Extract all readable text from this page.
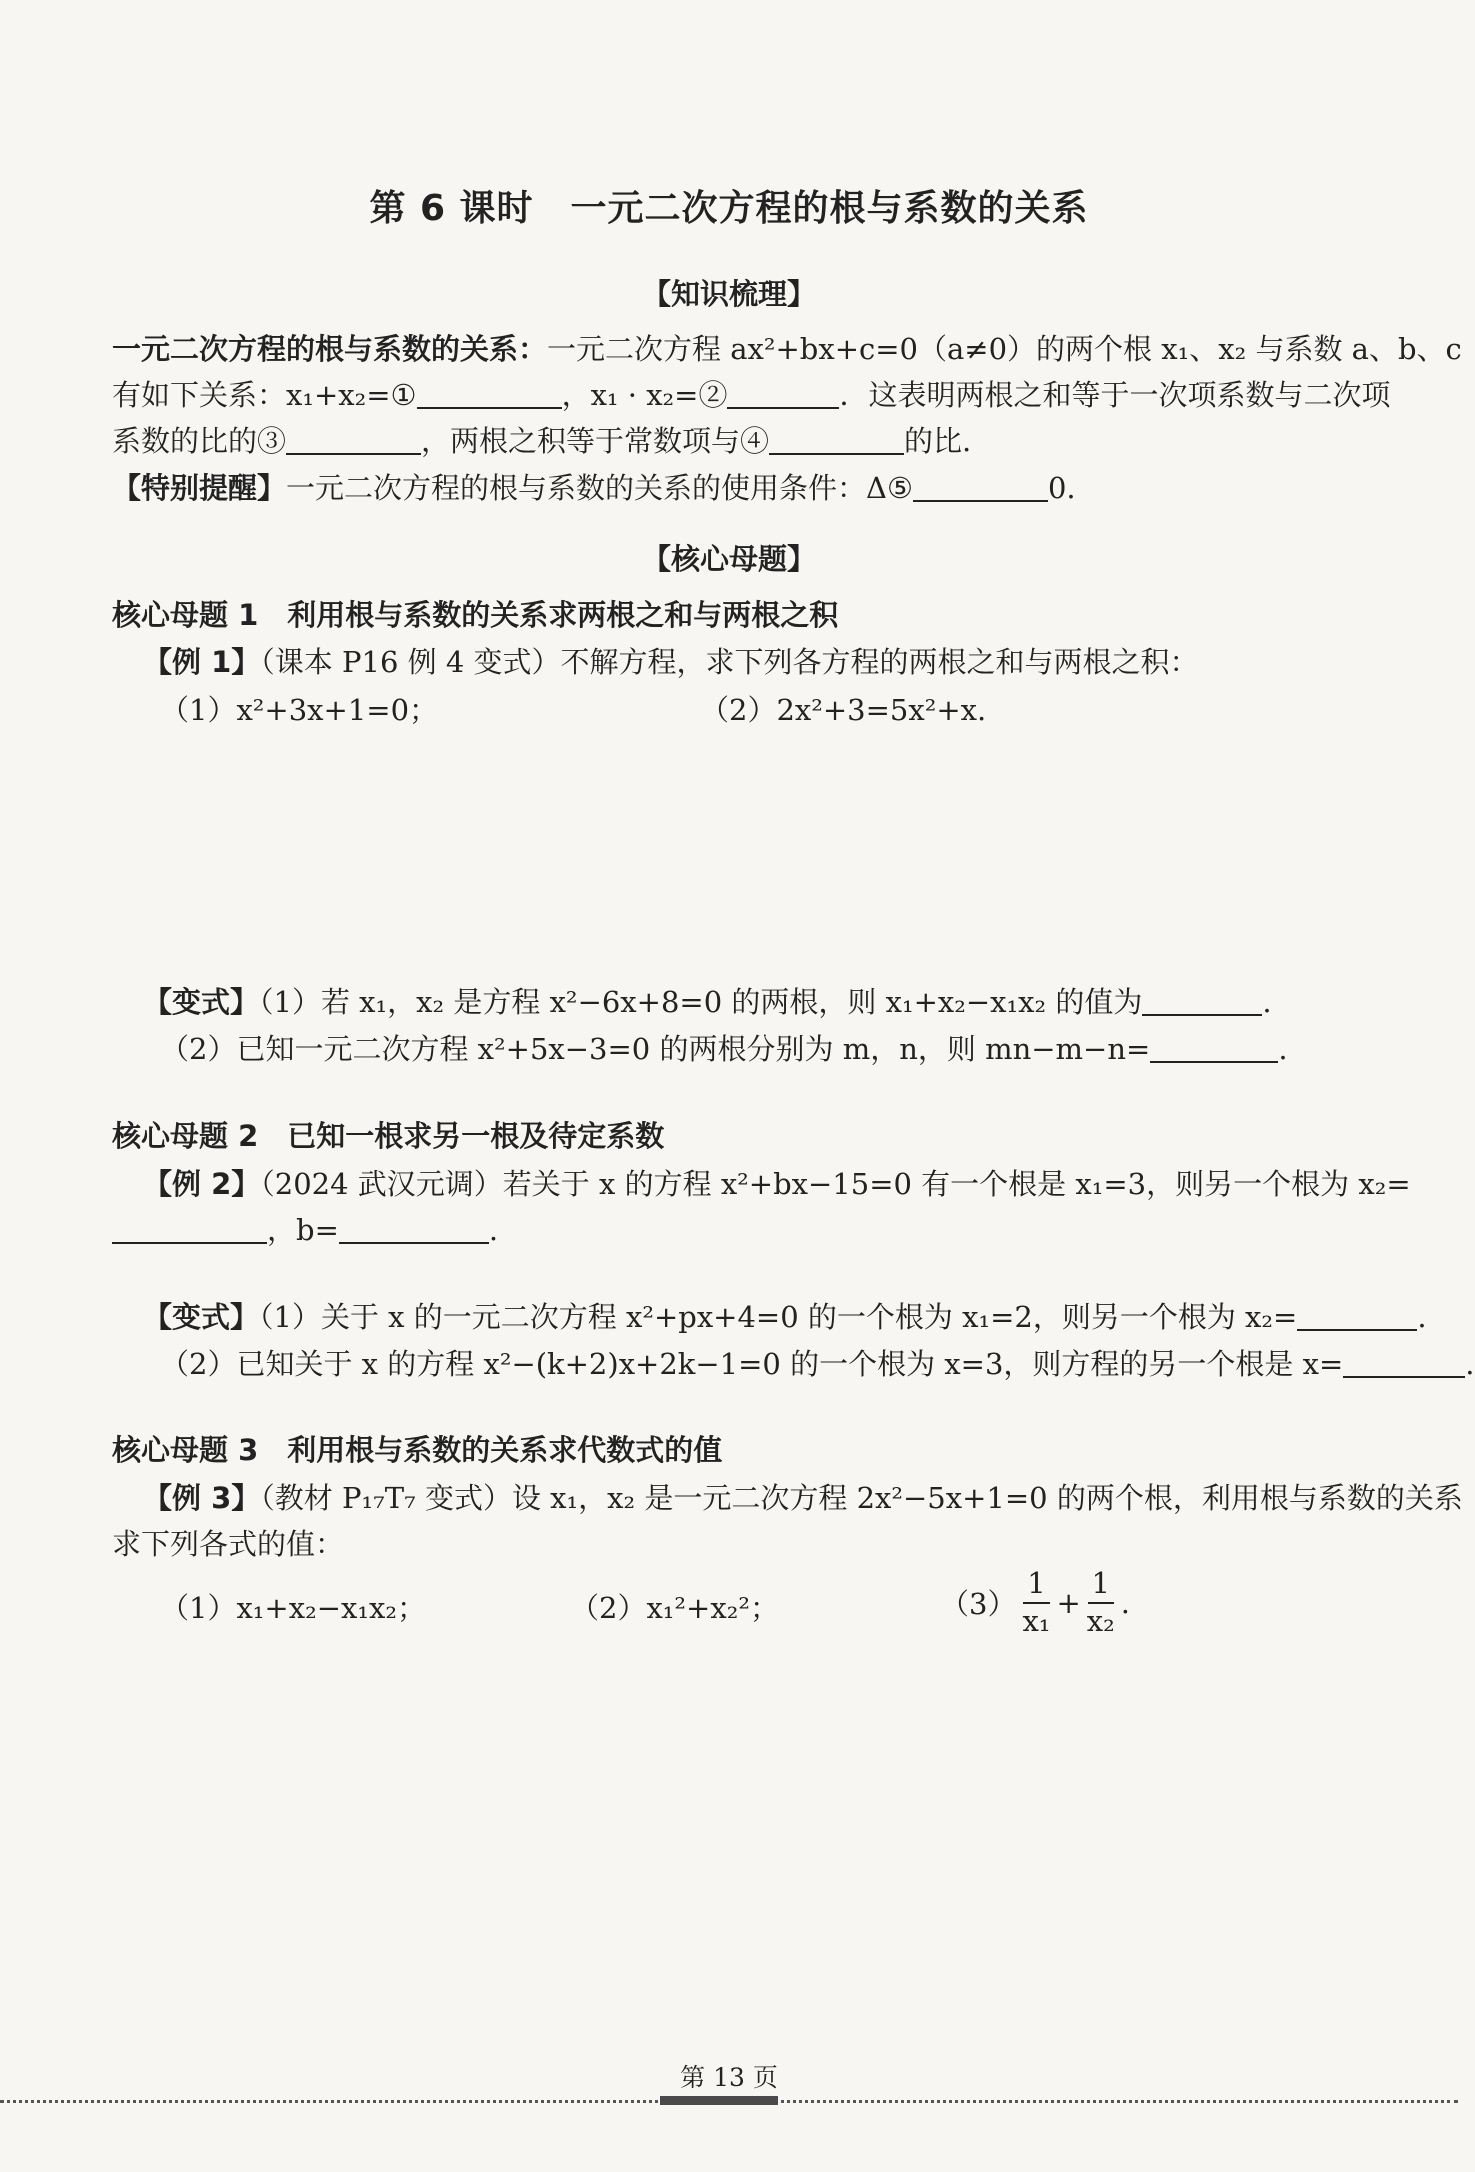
第 6 课时　一元二次方程的根与系数的关系
【知识梳理】
一元二次方程的根与系数的关系：一元二次方程 ax²+bx+c=0（a≠0）的两个根 x₁、x₂ 与系数 a、b、c
有如下关系：x₁+x₂=①	，x₁ · x₂=②	．这表明两根之和等于一次项系数与二次项
系数的比的③	，两根之积等于常数项与④	的比.
【特别提醒】一元二次方程的根与系数的关系的使用条件：Δ⑤	0.
【核心母题】
核心母题 1　利用根与系数的关系求两根之和与两根之积
【例 1】（课本 P16 例 4 变式）不解方程，求下列各方程的两根之和与两根之积：
（1）x²+3x+1=0；	（2）2x²+3=5x²+x.
【变式】（1）若 x₁，x₂ 是方程 x²−6x+8=0 的两根，则 x₁+x₂−x₁x₂ 的值为	.
（2）已知一元二次方程 x²+5x−3=0 的两根分别为 m，n，则 mn−m−n=	.
核心母题 2　已知一根求另一根及待定系数
【例 2】（2024 武汉元调）若关于 x 的方程 x²+bx−15=0 有一个根是 x₁=3，则另一个根为 x₂=
，b=	.
【变式】（1）关于 x 的一元二次方程 x²+px+4=0 的一个根为 x₁=2，则另一个根为 x₂=	.
（2）已知关于 x 的方程 x²−(k+2)x+2k−1=0 的一个根为 x=3，则方程的另一个根是 x=	.
核心母题 3　利用根与系数的关系求代数式的值
【例 3】（教材 P₁₇T₇ 变式）设 x₁，x₂ 是一元二次方程 2x²−5x+1=0 的两个根，利用根与系数的关系
求下列各式的值：
（1）x₁+x₂−x₁x₂；	（2）x₁²+x₂²；	$(3) \frac{1}{\text{x₁}} + \frac{1}{\text{x₂}}$ .
第 13 页
